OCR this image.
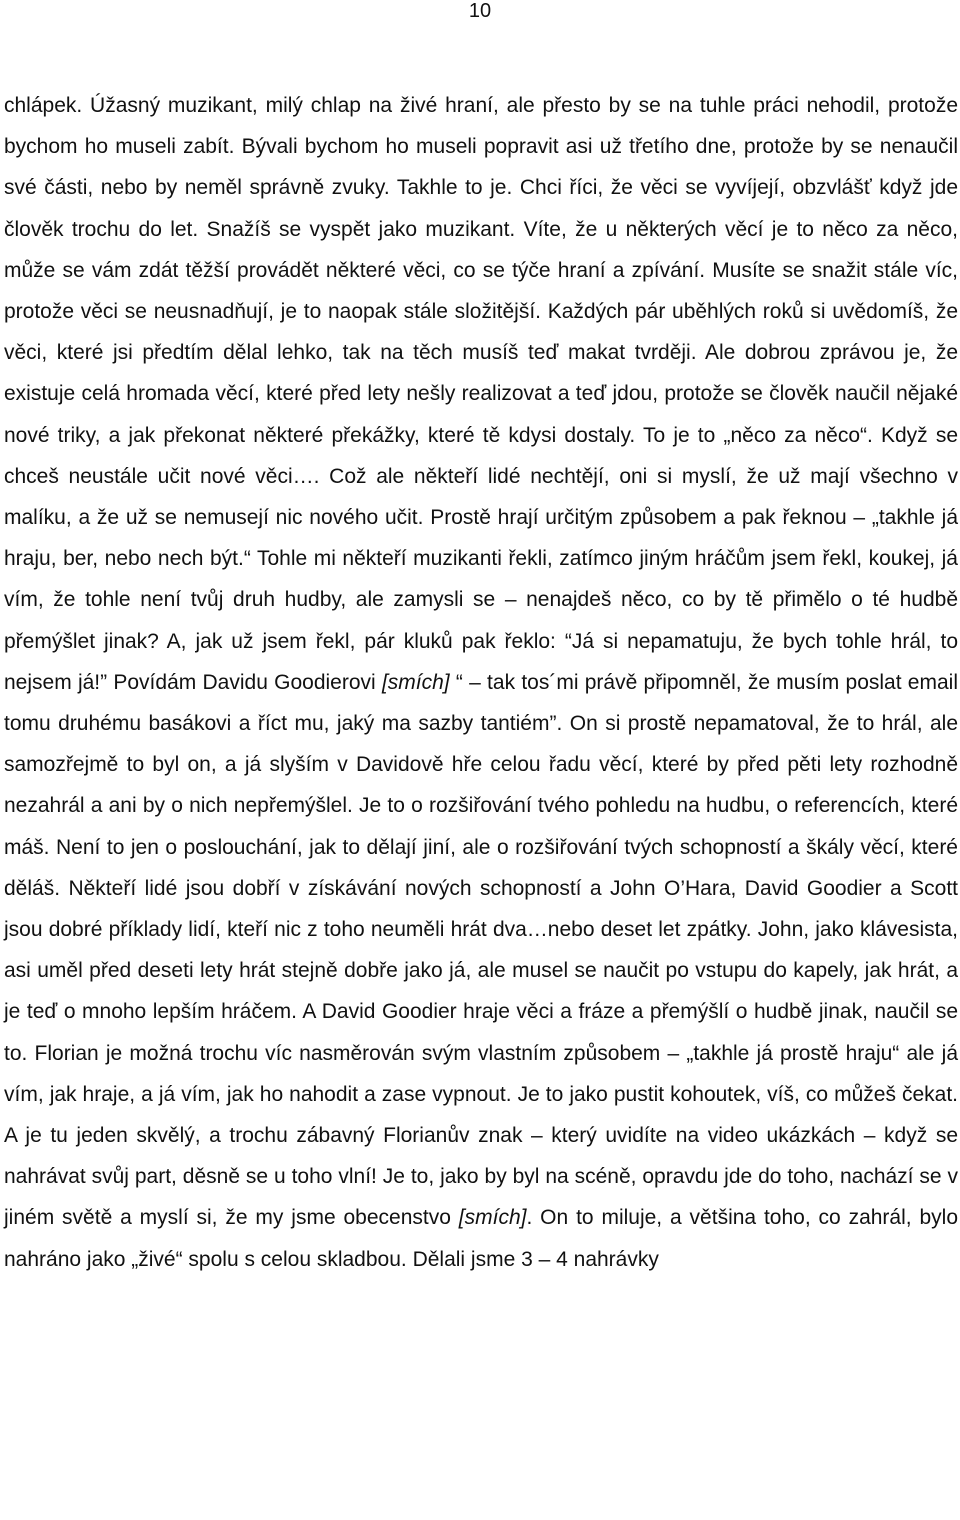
10

chlápek. Úžasný muzikant, milý chlap na živé hraní, ale přesto by se na tuhle práci nehodil, protože bychom ho museli zabít. Bývali bychom ho museli popravit asi už třetího dne, protože by se nenaučil své části, nebo by neměl správně zvuky. Takhle to je. Chci říci, že věci se vyvíjejí, obzvlášť když jde člověk trochu do let. Snažíš se vyspět jako muzikant. Víte, že u některých věcí je to něco za něco, může se vám zdát těžší provádět některé věci, co se týče hraní a zpívání. Musíte se snažit stále víc, protože věci se neusnadňují, je to naopak stále složitější. Každých pár uběhlých roků si uvědomíš, že věci, které jsi předtím dělal lehko, tak na těch musíš teď makat tvrději. Ale dobrou zprávou je, že existuje celá hromada věcí, které před lety nešly realizovat a teď jdou, protože se člověk naučil nějaké nové triky, a jak překonat některé překážky, které tě kdysi dostaly. To je to „něco za něco“. Když se chceš neustále učit nové věci…. Což ale někteří lidé nechtějí, oni si myslí, že už mají všechno v malíku, a že už se nemusejí nic nového učit. Prostě hrají určitým způsobem a pak řeknou – „takhle já hraju, ber, nebo nech být.“ Tohle mi někteří muzikanti řekli, zatímco jiným hráčům jsem řekl, koukej, já vím, že tohle není tvůj druh hudby, ale zamysli se – nenajdeš něco, co by tě přimělo o té hudbě přemýšlet jinak? A, jak už jsem řekl, pár kluků pak řeklo: “Já si nepamatuju, že bych tohle hrál, to nejsem já!” Povídám Davidu Goodierovi [smích] “ – tak tos´mi právě připomněl, že musím poslat email tomu druhému basákovi a říct mu, jaký ma sazby tantiém”. On si prostě nepamatoval, že to hrál, ale samozřejmě to byl on, a já slyším v Davidově hře celou řadu věcí, které by před pěti lety rozhodně nezahrál a ani by o nich nepřemýšlel. Je to o rozšiřování tvého pohledu na hudbu, o referencích, které máš. Není to jen o poslouchání, jak to dělají jiní, ale o rozšiřování tvých schopností a škály věcí, které děláš. Někteří lidé jsou dobří v získávání nových schopností a John O’Hara, David Goodier a Scott jsou dobré příklady lidí, kteří nic z toho neuměli hrát dva…nebo deset let zpátky. John, jako klávesista, asi uměl před deseti lety hrát stejně dobře jako já, ale musel se naučit po vstupu do kapely, jak hrát, a je teď o mnoho lepším hráčem. A David Goodier hraje věci a fráze a přemýšlí o hudbě jinak, naučil se to. Florian je možná trochu víc nasměrován svým vlastním způsobem – „takhle já prostě hraju“ ale já vím, jak hraje, a já vím, jak ho nahodit a zase vypnout. Je to jako pustit kohoutek, víš, co můžeš čekat. A je tu jeden skvělý, a trochu zábavný Florianův znak – který uvidíte na video ukázkách – když se nahrávat svůj part, děsně se u toho vlní! Je to, jako by byl na scéně, opravdu jde do toho, nachází se v jiném světě a myslí si, že my jsme obecenstvo [smích]. On to miluje, a většina toho, co zahrál, bylo nahráno jako „živé“ spolu s celou skladbou. Dělali jsme 3 – 4 nahrávky
